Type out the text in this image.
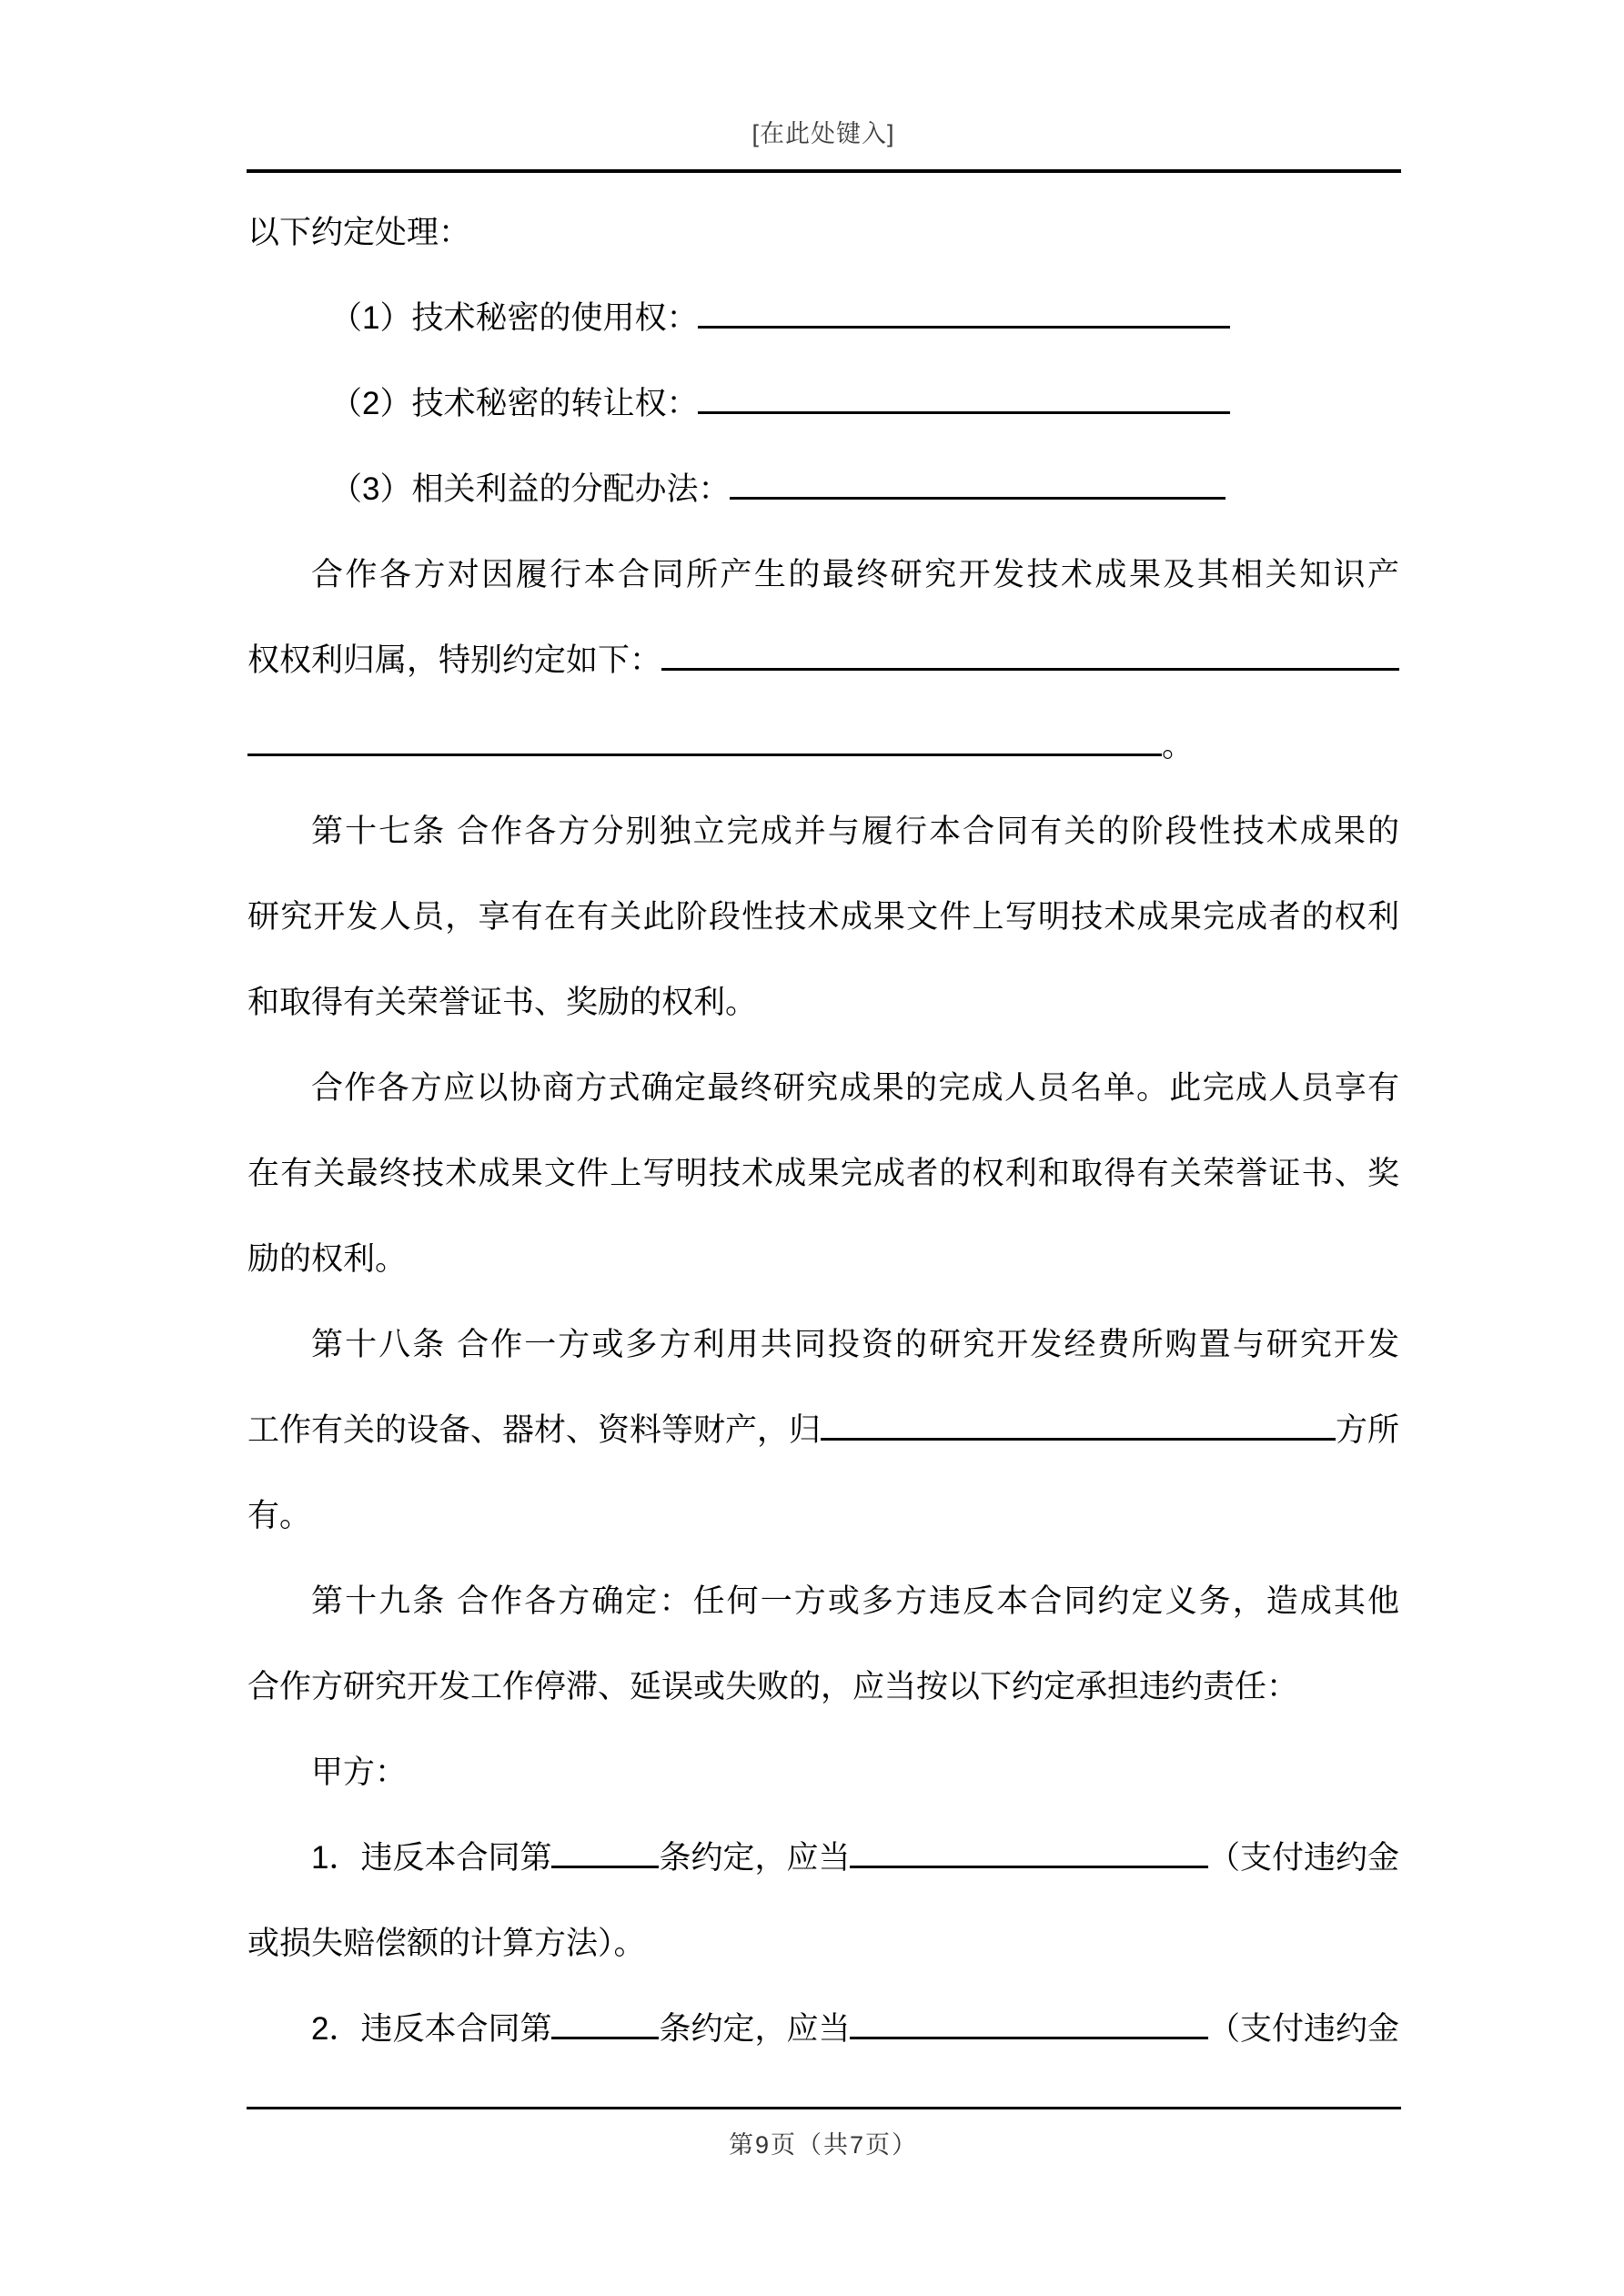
[在此处键入]
以下约定处理：
（1）技术秘密的使用权：
（2）技术秘密的转让权：
（3）相关利益的分配办法：
合作各方对因履行本合同所产生的最终研究开发技术成果及其相关知识产
权权利归属，特别约定如下：
。
第十七条 合作各方分别独立完成并与履行本合同有关的阶段性技术成果的
研究开发人员，享有在有关此阶段性技术成果文件上写明技术成果完成者的权利
和取得有关荣誉证书、奖励的权利。
合作各方应以协商方式确定最终研究成果的完成人员名单。此完成人员享有
在有关最终技术成果文件上写明技术成果完成者的权利和取得有关荣誉证书、奖
励的权利。
第十八条 合作一方或多方利用共同投资的研究开发经费所购置与研究开发
工作有关的设备、器材、资料等财产，归	方所
有。
第十九条 合作各方确定：任何一方或多方违反本合同约定义务，造成其他
合作方研究开发工作停滞、延误或失败的，应当按以下约定承担违约责任：
甲方：
1．违反本合同第	条约定，应当	（支付违约金
或损失赔偿额的计算方法）。
2．违反本合同第	条约定，应当	（支付违约金
第9页（共7页）
